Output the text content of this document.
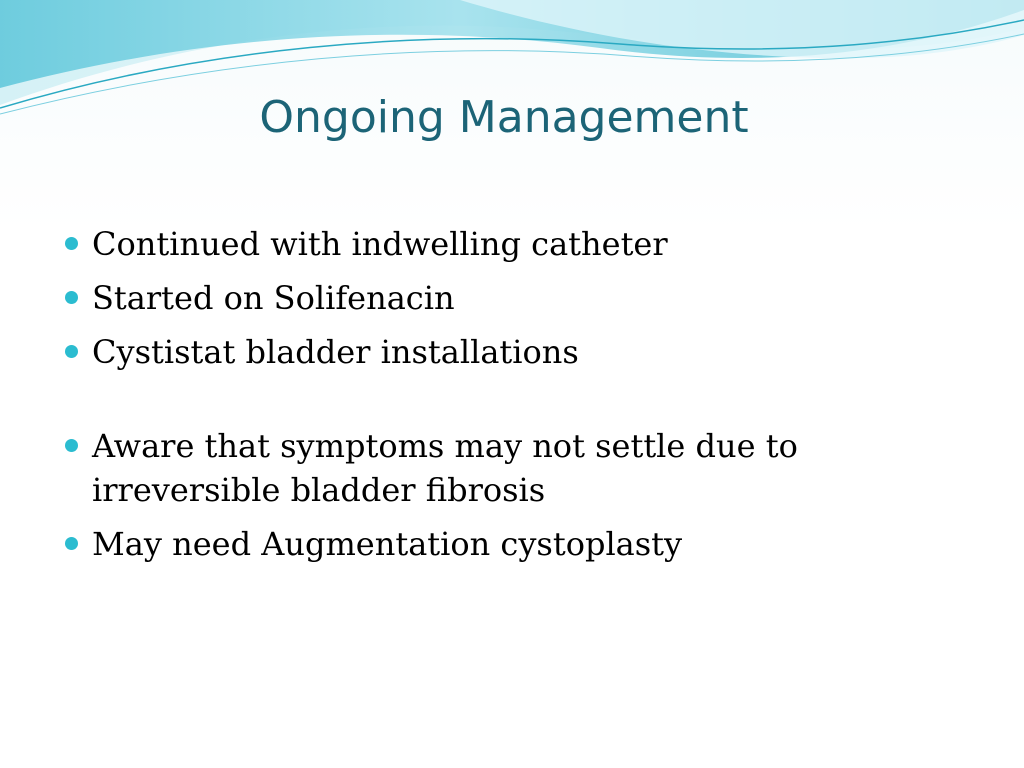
Ongoing Management
Continued with indwelling catheter
Started on Solifenacin
Cystistat bladder installations
Aware that symptoms may not settle due to irreversible bladder fibrosis
May need Augmentation cystoplasty
